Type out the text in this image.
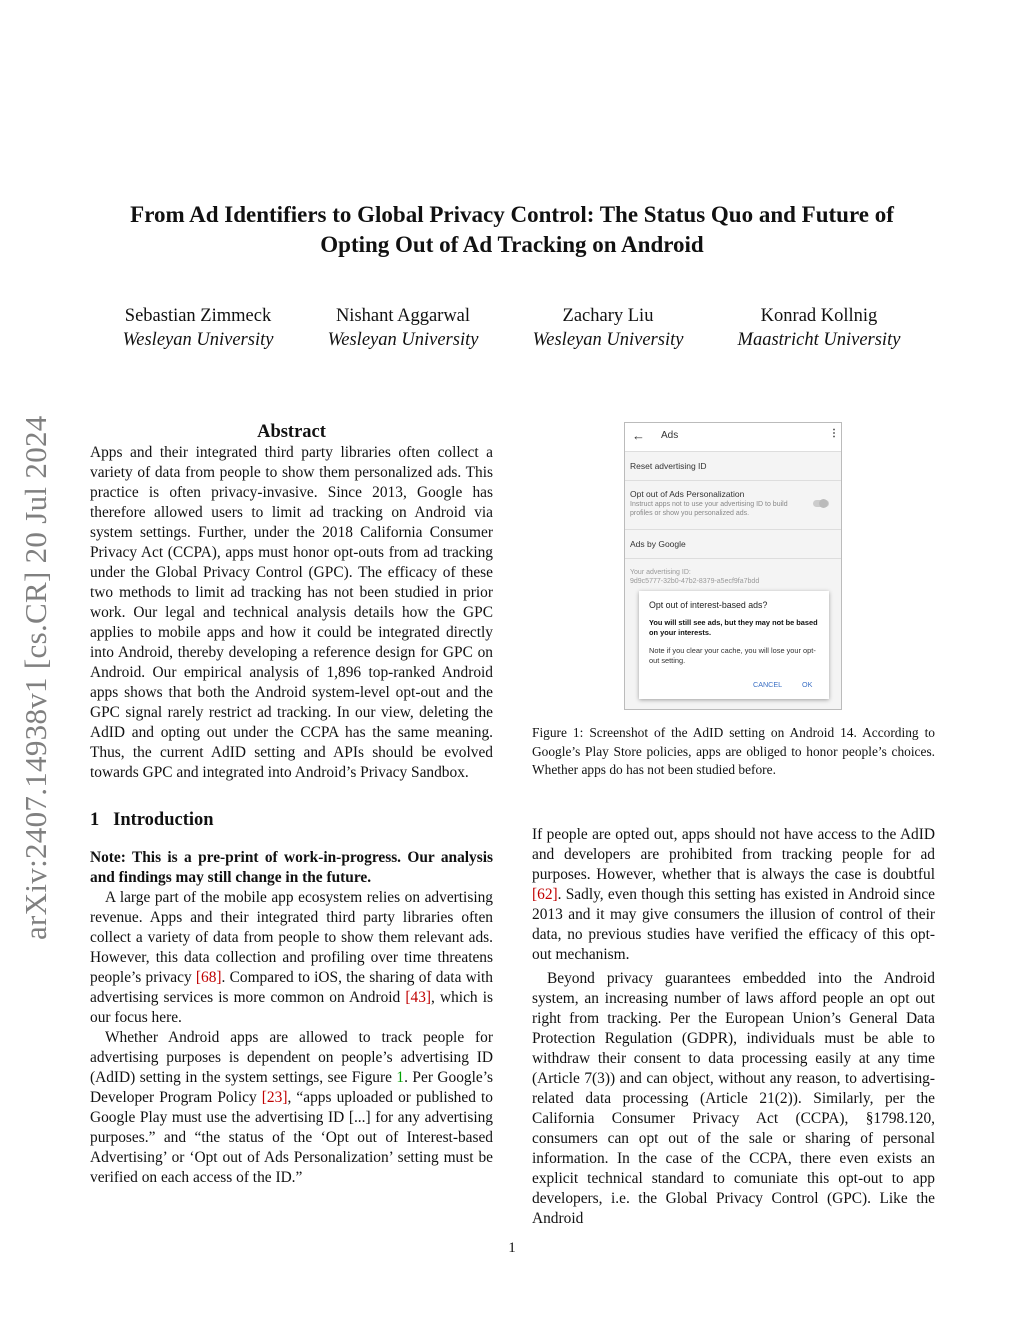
From Ad Identifiers to Global Privacy Control: The Status Quo and Future of
Opting Out of Ad Tracking on Android
Sebastian Zimmeck
Wesleyan University
Nishant Aggarwal
Wesleyan University
Zachary Liu
Wesleyan University
Konrad Kollnig
Maastricht University
arXiv:2407.14938v1 [cs.CR] 20 Jul 2024	Abstract

Apps and their integrated third party libraries often collect a variety of data from people to show them personalized ads. This practice is often privacy-invasive. Since 2013, Google has therefore allowed users to limit ad tracking on Android via system settings. Further, under the 2018 California Consumer Privacy Act (CCPA), apps must honor opt-outs from ad tracking under the Global Privacy Control (GPC). The efficacy of these two methods to limit ad tracking has not been studied in prior work. Our legal and technical analysis details how the GPC applies to mobile apps and how it could be integrated directly into Android, thereby developing a reference design for GPC on Android. Our empirical analysis of 1,896 top-ranked Android apps shows that both the Android system-level opt-out and the GPC signal rarely restrict ad tracking. In our view, deleting the AdID and opting out under the CCPA has the same meaning. Thus, the current AdID setting and APIs should be evolved towards GPC and integrated into Android’s Privacy Sandbox.

1 Introduction

Note: This is a pre-print of work-in-progress. Our analysis and findings may still change in the future.

A large part of the mobile app ecosystem relies on advertising revenue. Apps and their integrated third party libraries often collect a variety of data from people to show them relevant ads. However, this data collection and profiling over time threatens people’s privacy [68]. Compared to iOS, the sharing of data with advertising services is more common on Android [43], which is our focus here.

Whether Android apps are allowed to track people for advertising purposes is dependent on people’s advertising ID (AdID) setting in the system settings, see Figure 1. Per Google’s Developer Program Policy [23], “apps uploaded or published to Google Play must use the advertising ID [...] for any advertising purposes.” and “the status of the ‘Opt out of Interest-based Advertising’ or ‘Opt out of Ads Personalization’ setting must be verified on each access of the ID.”

← Ads	⋮
Reset advertising ID
Opt out of Ads Personalization
Instruct apps not to use your advertising ID to build profiles or show you personalized ads.
Ads by Google
Your advertising ID:
9d9c5777-32b0-47b2-8379-a5ecf9fa7bdd
Opt out of interest-based ads?
You will still see ads, but they may not be based on your interests.
Note if you clear your cache, you will lose your opt-out setting.
CANCEL	OK
Figure 1: Screenshot of the AdID setting on Android 14. According to Google’s Play Store policies, apps are obliged to honor people’s choices. Whether apps do has not been studied before.

If people are opted out, apps should not have access to the AdID and developers are prohibited from tracking people for ad purposes. However, whether that is always the case is doubtful [62]. Sadly, even though this setting has existed in Android since 2013 and it may give consumers the illusion of control of their data, no previous studies have verified the efficacy of this opt-out mechanism.

Beyond privacy guarantees embedded into the Android system, an increasing number of laws afford people an opt out right from tracking. Per the European Union’s General Data Protection Regulation (GDPR), individuals must be able to withdraw their consent to data processing easily at any time (Article 7(3)) and can object, without any reason, to advertising-related data processing (Article 21(2)). Similarly, per the California Consumer Privacy Act (CCPA), §1798.120, consumers can opt out of the sale or sharing of personal information. In the case of the CCPA, there even exists an explicit technical standard to comuniate this opt-out to app developers, i.e. the Global Privacy Control (GPC). Like the Android

1
